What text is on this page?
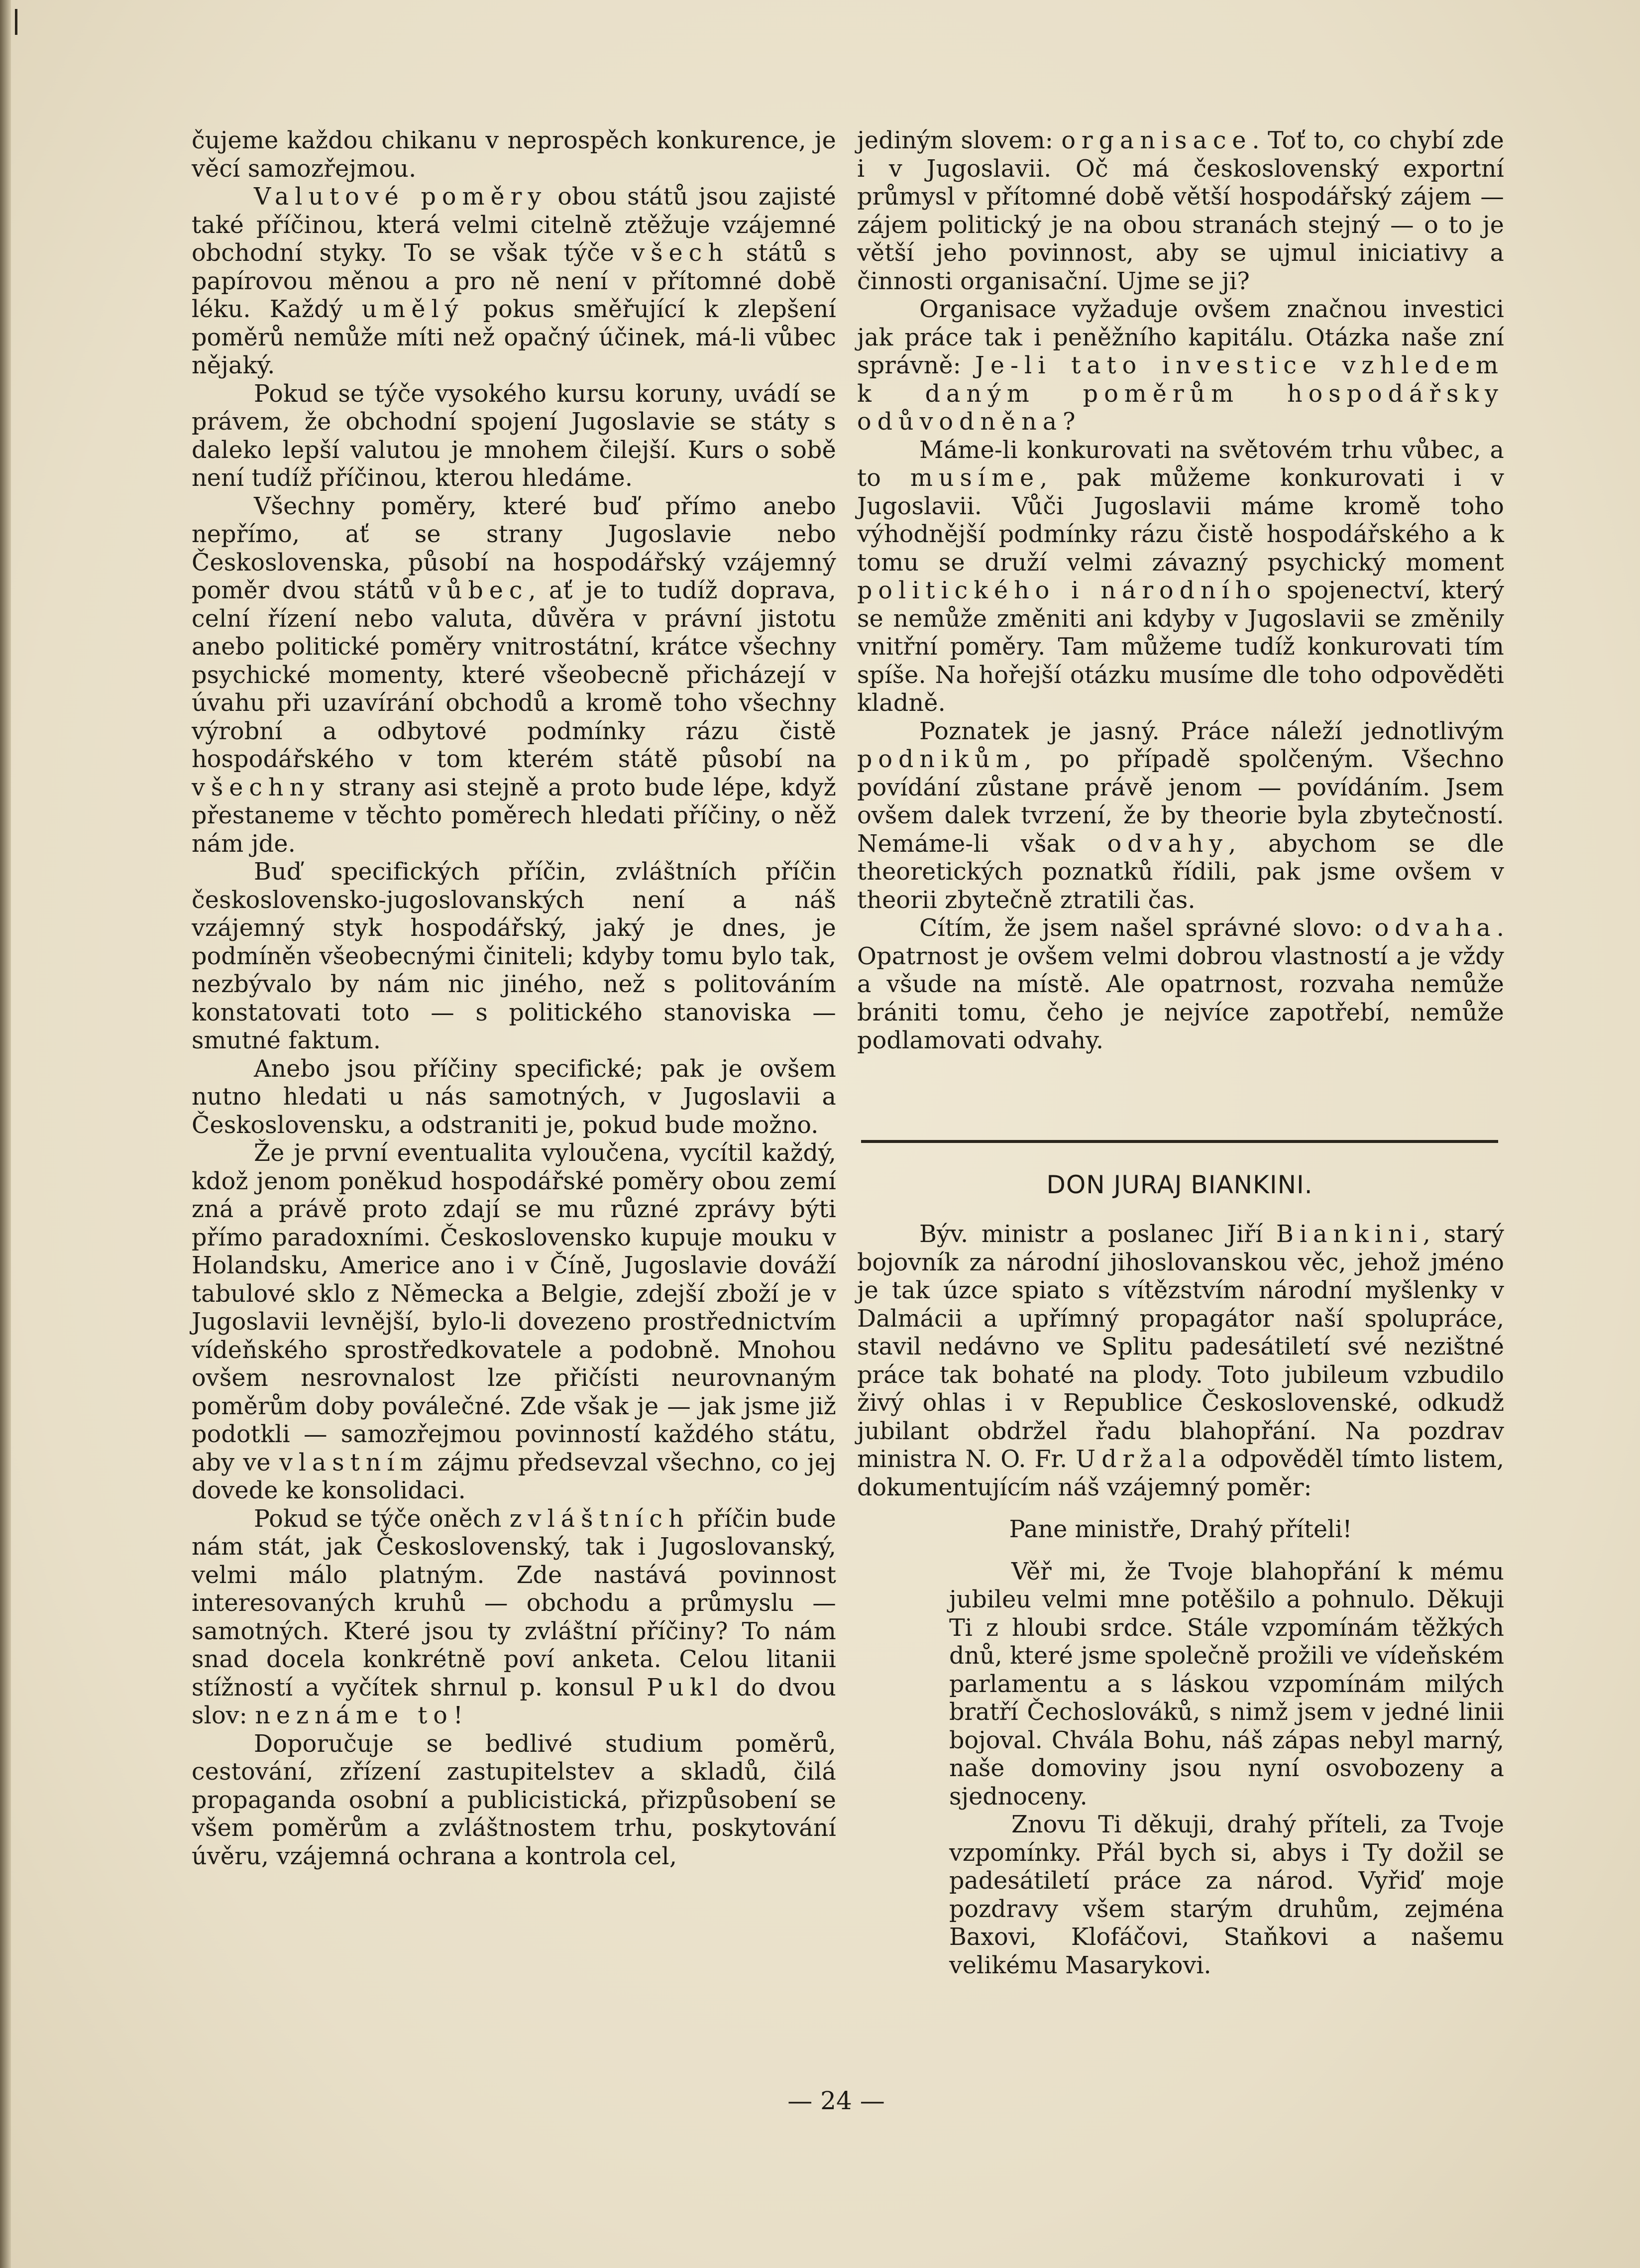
čujeme každou chikanu v neprospěch konkurence, je věcí samozřejmou.

Valutové poměry obou států jsou zajisté také příčinou, která velmi citelně ztěžuje vzájemné obchodní styky. To se však týče všech států s papírovou měnou a pro ně není v přítomné době léku. Každý umělý pokus směřující k zlepšení poměrů nemůže míti než opačný účinek, má-li vůbec nějaký.

Pokud se týče vysokého kursu koruny, uvádí se právem, že obchodní spojení Jugoslavie se státy s daleko lepší valutou je mnohem čilejší. Kurs o sobě není tudíž příčinou, kterou hledáme.

Všechny poměry, které buď přímo anebo nepřímo, ať se strany Jugoslavie nebo Československa, působí na hospodářský vzájemný poměr dvou států vůbec, ať je to tudíž doprava, celní řízení nebo valuta, důvěra v právní jistotu anebo politické poměry vnitrostátní, krátce všechny psychické momenty, které všeobecně přicházejí v úvahu při uzavírání obchodů a kromě toho všechny výrobní a odbytové podmínky rázu čistě hospodářského v tom kterém státě působí na všechny strany asi stejně a proto bude lépe, když přestaneme v těchto poměrech hledati příčiny, o něž nám jde.

Buď specifických příčin, zvláštních příčin československo-jugoslovanských není a náš vzájemný styk hospodářský, jaký je dnes, je podmíněn všeobecnými činiteli; kdyby tomu bylo tak, nezbývalo by nám nic jiného, než s politováním konstatovati toto — s politického stanoviska — smutné faktum.

Anebo jsou příčiny specifické; pak je ovšem nutno hledati u nás samotných, v Jugoslavii a Československu, a odstraniti je, pokud bude možno.

Že je první eventualita vyloučena, vycítil každý, kdož jenom poněkud hospodářské poměry obou zemí zná a právě proto zdají se mu různé zprávy býti přímo paradoxními. Československo kupuje mouku v Holandsku, Americe ano i v Číně, Jugoslavie dováží tabulové sklo z Německa a Belgie, zdejší zboží je v Jugoslavii levnější, bylo-li dovezeno prostřednictvím vídeňského sprostředkovatele a podobně. Mnohou ovšem nesrovnalost lze přičísti neurovnaným poměrům doby poválečné. Zde však je — jak jsme již podotkli — samozřejmou povinností každého státu, aby ve vlastním zájmu předsevzal všechno, co jej dovede ke konsolidaci.

Pokud se týče oněch zvláštních příčin bude nám stát, jak Československý, tak i Jugoslovanský, velmi málo platným. Zde nastává povinnost interesovaných kruhů — obchodu a průmyslu — samotných. Které jsou ty zvláštní příčiny? To nám snad docela konkrétně poví anketa. Celou litanii stížností a vyčítek shrnul p. konsul Pukl do dvou slov: neznáme to!

Doporučuje se bedlivé studium poměrů, cestování, zřízení zastupitelstev a skladů, čilá propaganda osobní a publicistická, přizpůsobení se všem poměrům a zvláštnostem trhu, poskytování úvěru, vzájemná ochrana a kontrola cel,

jediným slovem: organisace. Toť to, co chybí zde i v Jugoslavii. Oč má československý exportní průmysl v přítomné době větší hospodářský zájem — zájem politický je na obou stranách stejný — o to je větší jeho povinnost, aby se ujmul iniciativy a činnosti organisační. Ujme se ji?

Organisace vyžaduje ovšem značnou investici jak práce tak i peněžního kapitálu. Otázka naše zní správně: Je-li tato investice vzhledem k daným poměrům hospodářsky odůvodněna?

Máme-li konkurovati na světovém trhu vůbec, a to musíme, pak můžeme konkurovati i v Jugoslavii. Vůči Jugoslavii máme kromě toho výhodnější podmínky rázu čistě hospodářského a k tomu se druží velmi závazný psychický moment politického i národního spojenectví, který se nemůže změniti ani kdyby v Jugoslavii se změnily vnitřní poměry. Tam můžeme tudíž konkurovati tím spíše. Na hořejší otázku musíme dle toho odpověděti kladně.

Poznatek je jasný. Práce náleží jednotlivým podnikům, po případě spolčeným. Všechno povídání zůstane právě jenom — povídáním. Jsem ovšem dalek tvrzení, že by theorie byla zbytečností. Nemáme-li však odvahy, abychom se dle theoretických poznatků řídili, pak jsme ovšem v theorii zbytečně ztratili čas.

Cítím, že jsem našel správné slovo: odvaha. Opatrnost je ovšem velmi dobrou vlastností a je vždy a všude na místě. Ale opatrnost, rozvaha nemůže brániti tomu, čeho je nejvíce zapotřebí, nemůže podlamovati odvahy.

DON JURAJ BIANKINI.

Býv. ministr a poslanec Jiří Biankini, starý bojovník za národní jihoslovanskou věc, jehož jméno je tak úzce spiato s vítězstvím národní myšlenky v Dalmácii a upřímný propagátor naší spolupráce, stavil nedávno ve Splitu padesátiletí své nezištné práce tak bohaté na plody. Toto jubileum vzbudilo živý ohlas i v Republice Československé, odkudž jubilant obdržel řadu blahopřání. Na pozdrav ministra N. O. Fr. Udržala odpověděl tímto listem, dokumentujícím náš vzájemný poměr:

Pane ministře, Drahý příteli!

Věř mi, že Tvoje blahopřání k mému jubileu velmi mne potěšilo a pohnulo. Děkuji Ti z hloubi srdce. Stále vzpomínám těžkých dnů, které jsme společně prožili ve vídeňském parlamentu a s láskou vzpomínám milých bratří Čechoslováků, s nimž jsem v jedné linii bojoval. Chvála Bohu, náš zápas nebyl marný, naše domoviny jsou nyní osvobozeny a sjednoceny.

Znovu Ti děkuji, drahý příteli, za Tvoje vzpomínky. Přál bych si, abys i Ty dožil se padesátiletí práce za národ. Vyřiď moje pozdravy všem starým druhům, zejména Baxovi, Klofáčovi, Staňkovi a našemu velikému Masarykovi.

— 24 —
